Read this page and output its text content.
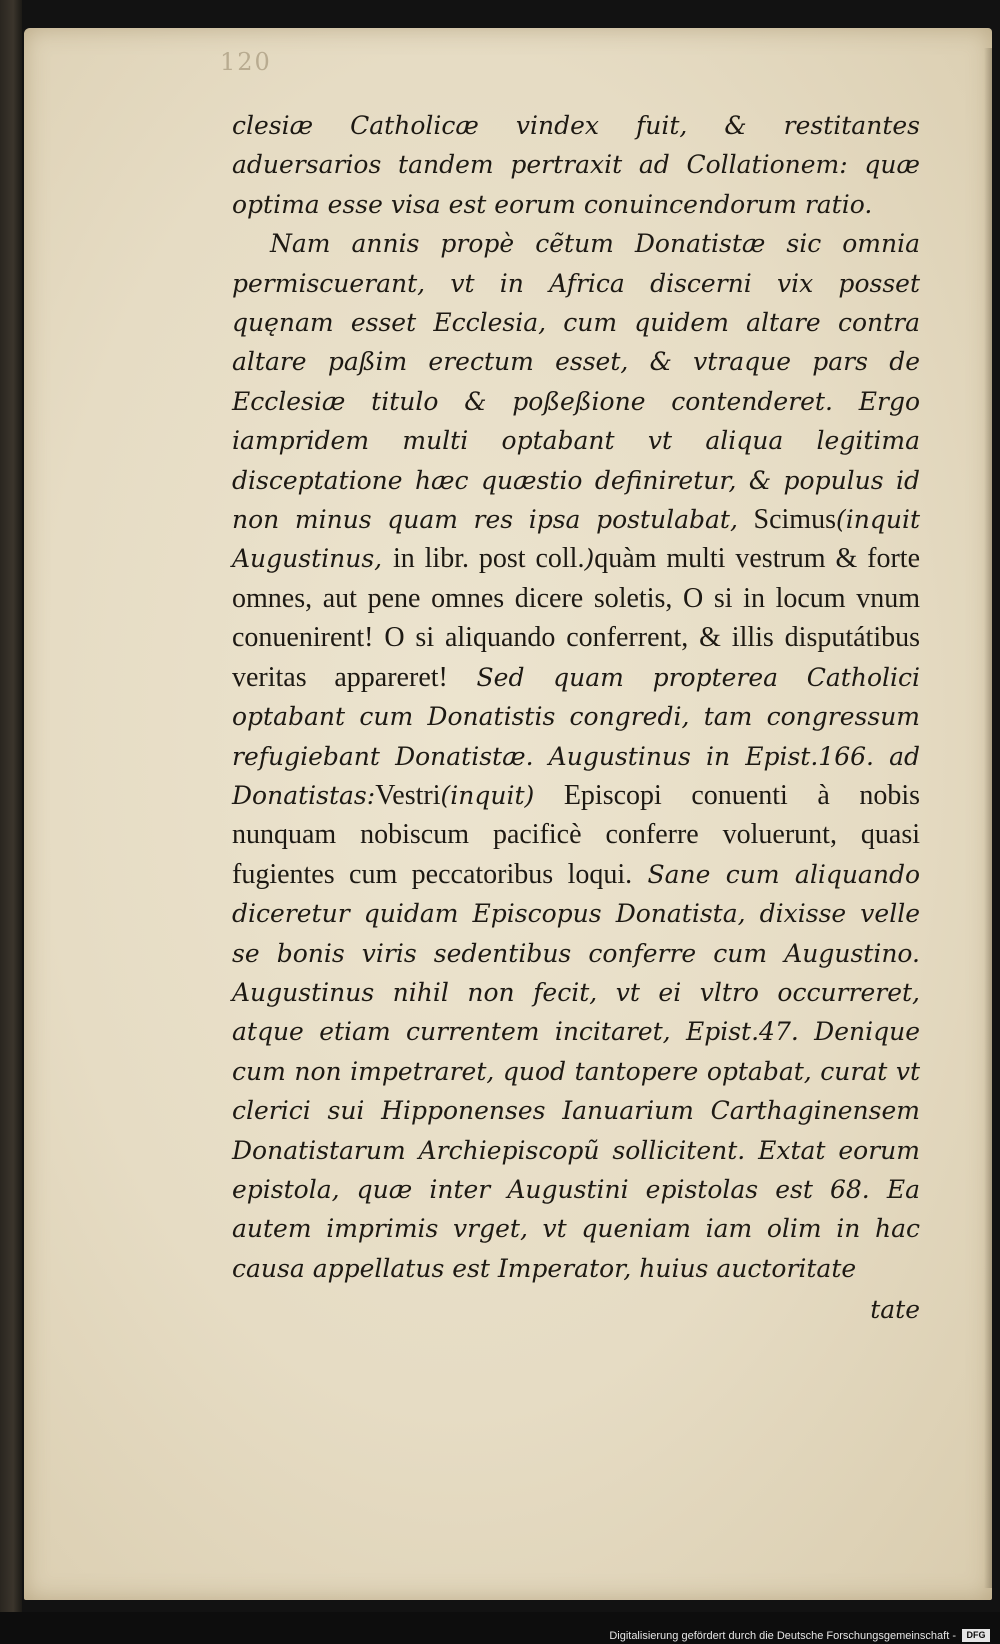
120

clesiæ Catholicæ vindex fuit, & restitantes aduersarios tandem pertraxit ad Collationem: quæ optima esse visa est eorum conuincendorum ratio.

Nam annis propè cẽtum Donatistæ sic omnia permiscuerant, vt in Africa discerni vix posset quęnam esset Ecclesia, cum quidem altare contra altare paßim erectum esset, & vtraque pars de Ecclesiæ titulo & poßeßione contenderet. Ergo iampridem multi optabant vt aliqua legitima disceptatione hæc quæstio definiretur, & populus id non minus quam res ipsa postulabat, Scimus(inquit Augustinus, in libr. post coll.)quàm multi vestrum & forte omnes, aut pene omnes dicere soletis, O si in locum vnum conuenirent! O si aliquando conferrent, & illis disputátibus veritas appareret! Sed quam propterea Catholici optabant cum Donatistis congredi, tam congressum refugiebant Donatistæ. Augustinus in Epist.166. ad Donatistas:Vestri(inquit) Episcopi conuenti à nobis nunquam nobiscum pacificè conferre voluerunt, quasi fugientes cum peccatoribus loqui. Sane cum aliquando diceretur quidam Episcopus Donatista, dixisse velle se bonis viris sedentibus conferre cum Augustino. Augustinus nihil non fecit, vt ei vltro occurreret, atque etiam currentem incitaret, Epist.47. Denique cum non impetraret, quod tantopere optabat, curat vt clerici sui Hipponenses Ianuarium Carthaginensem Donatistarum Archiepiscopũ sollicitent. Extat eorum epistola, quæ inter Augustini epistolas est 68. Ea autem imprimis vrget, vt queniam iam olim in hac causa appellatus est Imperator, huius auctoritate

tate
Digitalisierung gefördert durch die Deutsche Forschungsgemeinschaft -	DFG
